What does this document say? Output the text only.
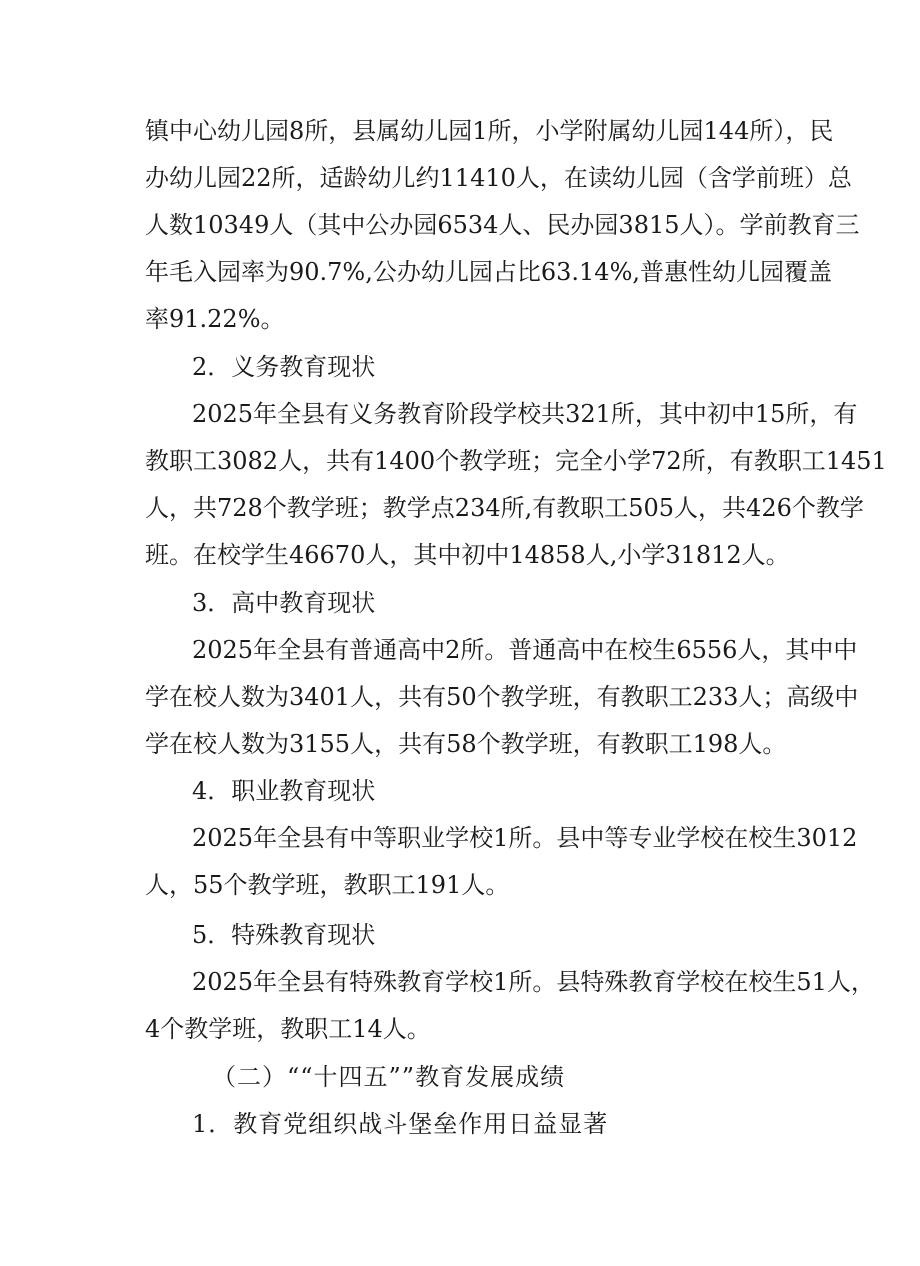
镇中心幼儿园8所，县属幼儿园1所，小学附属幼儿园144所），民
办幼儿园22所，适龄幼儿约11410人，在读幼儿园（含学前班）总
人数10349人（其中公办园6534人、民办园3815人）。学前教育三
年毛入园率为90.7%,公办幼儿园占比63.14%,普惠性幼儿园覆盖
率91.22%。
2．义务教育现状
2025年全县有义务教育阶段学校共321所，其中初中15所，有
教职工3082人，共有1400个教学班；完全小学72所，有教职工1451
人，共728个教学班；教学点234所,有教职工505人，共426个教学
班。在校学生46670人，其中初中14858人,小学31812人。
3．高中教育现状
2025年全县有普通高中2所。普通高中在校生6556人，其中中
学在校人数为3401人，共有50个教学班，有教职工233人；高级中
学在校人数为3155人，共有58个教学班，有教职工198人。
4．职业教育现状
2025年全县有中等职业学校1所。县中等专业学校在校生3012
人，55个教学班，教职工191人。
5．特殊教育现状
2025年全县有特殊教育学校1所。县特殊教育学校在校生51人，
4个教学班，教职工14人。
（二）““十四五””教育发展成绩
1．教育党组织战斗堡垒作用日益显著
